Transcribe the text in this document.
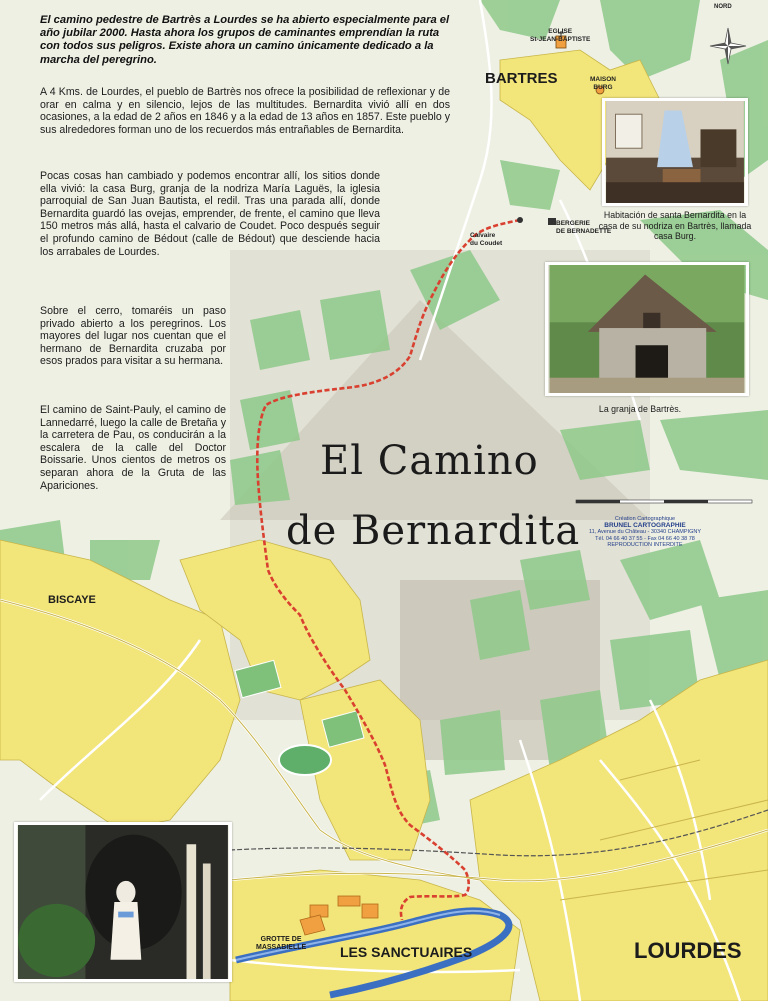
El camino pedestre de Bartrès a Lourdes se ha abierto especialmente para el año jubilar 2000. Hasta ahora los grupos de caminantes emprendían la ruta con todos sus peligros. Existe ahora un camino únicamente dedicado a la marcha del peregrino.
A 4 Kms. de Lourdes, el pueblo de Bartrès nos ofrece la posibilidad de reflexionar y de orar en calma y en silencio, lejos de las multitudes. Bernardita vivió allí en dos ocasiones, a la edad de 2 años en 1846 y a la edad de 13 años en 1857. Este pueblo y sus alrededores forman uno de los recuerdos más entrañables de Bernardita.
Pocas cosas han cambiado y podemos encontrar allí, los sitios donde ella vivió: la casa Burg, granja de la nodriza María Laguës, la iglesia parroquial de San Juan Bautista, el redil. Tras una parada allí, donde Bernardita guardó las ovejas, emprender, de frente, el camino que lleva 150 metros más allá, hasta el calvario de Coudet. Poco después seguir el profundo camino de Bédout (calle de Bédout) que desciende hacia los arrabales de Lourdes.
Sobre el cerro, tomaréis un paso privado abierto a los peregrinos. Los mayores del lugar nos cuentan que el hermano de Bernardita cruzaba por esos prados para visitar a su hermana.
El camino de Saint-Pauly, el camino de Lannedarré, luego la calle de Bretaña y la carretera de Pau, os conducirán a la escalera de la calle del Doctor Boissarie. Unos cientos de metros os separan ahora de la Gruta de las Apariciones.
El Camino
de Bernardita
Habitación de santa Bernardita en la casa de su nodriza en Bartrès, llamada casa Burg.
La granja de Bartrès.
BARTRES
BISCAYE
LES SANCTUAIRES	LOURDES
GROTTE DE
MASSABIELLE
EGLISE
St-JEAN-BAPTISTE
MAISON
BURG
BERGERIE
DE BERNADETTE
Calvaire
du Coudet
NORD
Création Cartographique
BRUNEL CARTOGRAPHIE
11, Avenue du Château - 30340 CHAMPIGNY
Tél. 04 66 40 37 55 - Fax 04 66 40 38 78
REPRODUCTION INTERDITE
